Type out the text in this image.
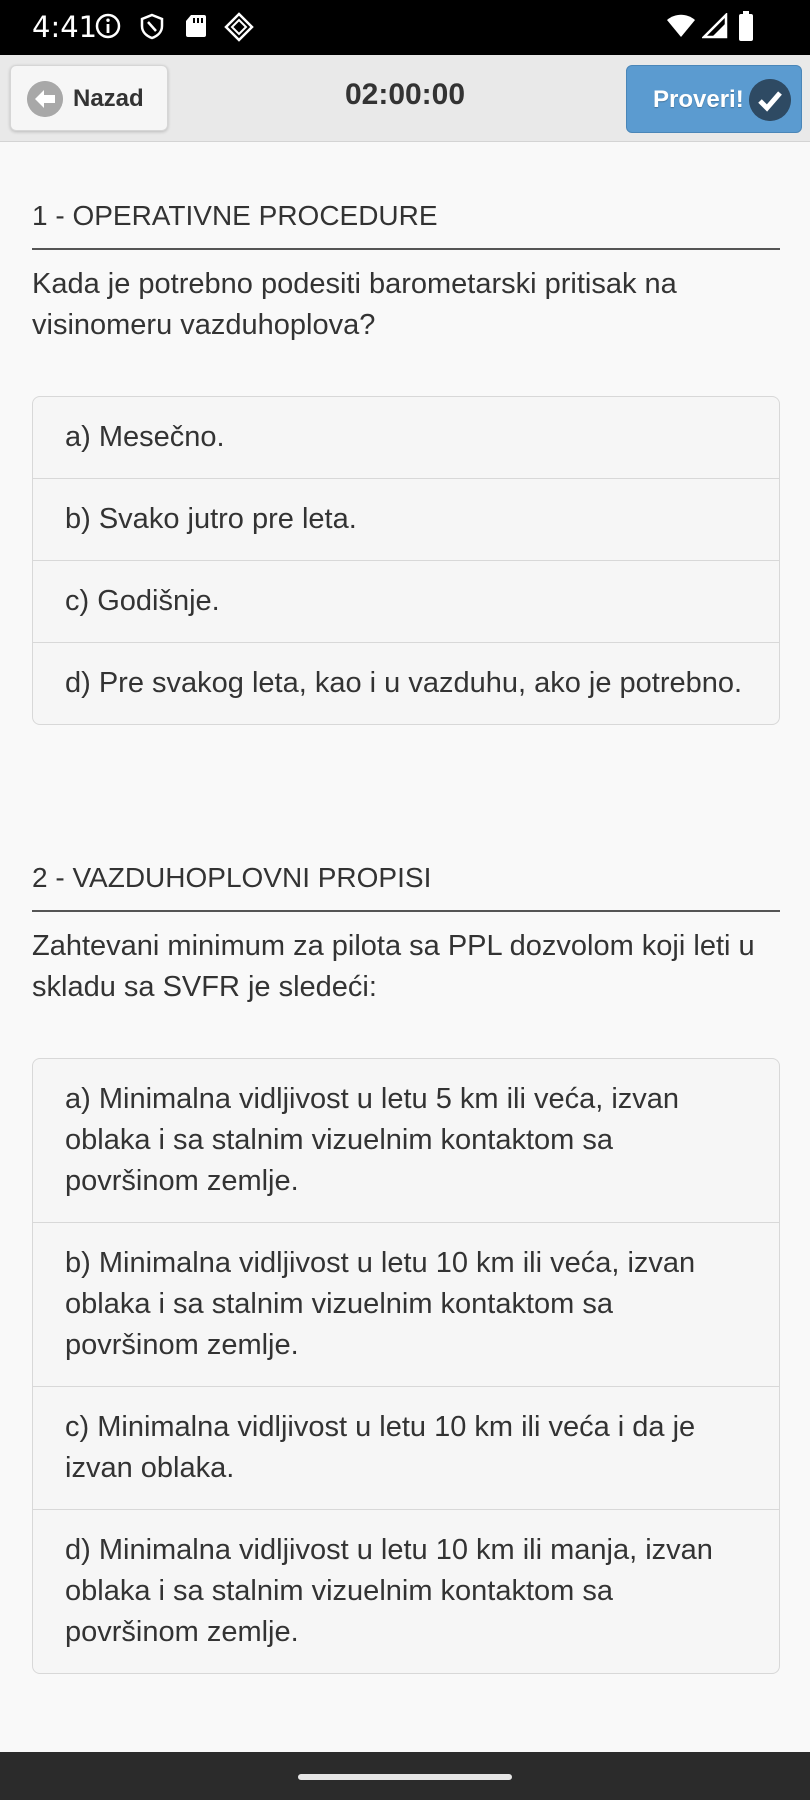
4:41
Nazad	02:00:00	Proveri!
1 - OPERATIVNE PROCEDURE
Kada je potrebno podesiti barometarski pritisak na visinomeru vazduhoplova?
a) Mesečno.
b) Svako jutro pre leta.
c) Godišnje.
d) Pre svakog leta, kao i u vazduhu, ako je potrebno.
2 - VAZDUHOPLOVNI PROPISI
Zahtevani minimum za pilota sa PPL dozvolom koji leti u skladu sa SVFR je sledeći:
a) Minimalna vidljivost u letu 5 km ili veća, izvan oblaka i sa stalnim vizuelnim kontaktom sa površinom zemlje.
b) Minimalna vidljivost u letu 10 km ili veća, izvan oblaka i sa stalnim vizuelnim kontaktom sa površinom zemlje.
c) Minimalna vidljivost u letu 10 km ili veća i da je izvan oblaka.
d) Minimalna vidljivost u letu 10 km ili manja, izvan oblaka i sa stalnim vizuelnim kontaktom sa površinom zemlje.
